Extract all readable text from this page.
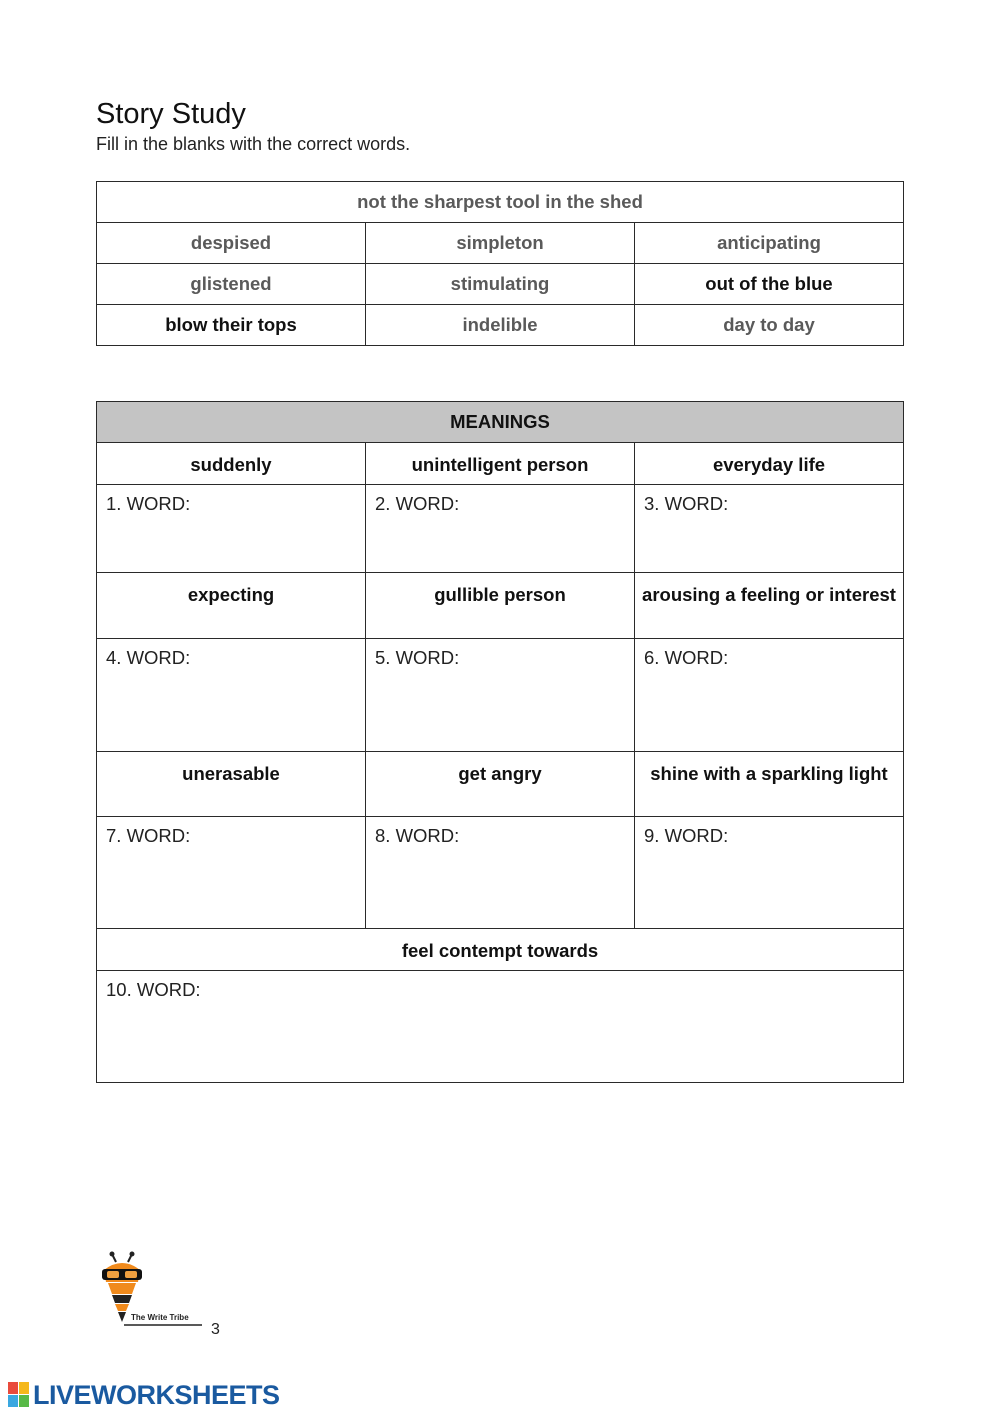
Story Study
Fill in the blanks with the correct words.
not the sharpest tool in the shed		
despised	simpleton	anticipating
glistened	stimulating	out of the blue
blow their tops	indelible	day to day
MEANINGS		
suddenly	unintelligent person	everyday life
1. WORD:	2. WORD:	3. WORD:
expecting	gullible person	arousing a feeling or interest
4. WORD:	5. WORD:	6. WORD:
unerasable	get angry	shine with a sparkling light
7. WORD:	8. WORD:	9. WORD:
feel contempt towards		
10. WORD:		
The Write Tribe
3
LIVEWORKSHEETS
